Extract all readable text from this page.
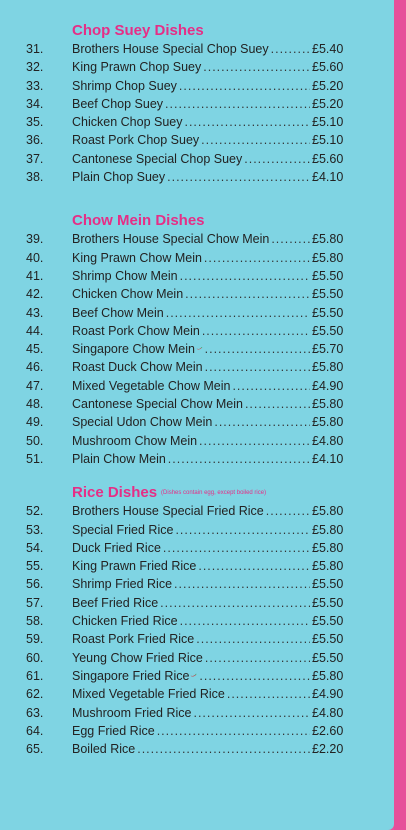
Chop Suey Dishes
31.	Brothers House Special Chop Suey .....	£5.40
32.	King Prawn Chop Suey .....	£5.60
33.	Shrimp Chop Suey .....	£5.20
34.	Beef Chop Suey .....	£5.20
35.	Chicken Chop Suey .....	£5.10
36.	Roast Pork Chop Suey .....	£5.10
37.	Cantonese Special Chop Suey .....	£5.60
38.	Plain Chop Suey .....	£4.10
Chow Mein Dishes
39.	Brothers House Special Chow Mein .....	£5.80
40.	King Prawn Chow Mein .....	£5.80
41.	Shrimp Chow Mein .....	£5.50
42.	Chicken Chow Mein .....	£5.50
43.	Beef Chow Mein .....	£5.50
44.	Roast Pork Chow Mein .....	£5.50
45.	Singapore Chow Mein .....	£5.70
46.	Roast Duck Chow Mein .....	£5.80
47.	Mixed Vegetable Chow Mein .....	£4.90
48.	Cantonese Special Chow Mein .....	£5.80
49.	Special Udon Chow Mein .....	£5.80
50.	Mushroom Chow Mein .....	£4.80
51.	Plain Chow Mein .....	£4.10
Rice Dishes (Dishes contain egg, except boiled rice)
52.	Brothers House Special Fried Rice .....	£5.80
53.	Special Fried Rice .....	£5.80
54.	Duck Fried Rice .....	£5.80
55.	King Prawn Fried Rice .....	£5.80
56.	Shrimp Fried Rice .....	£5.50
57.	Beef Fried Rice .....	£5.50
58.	Chicken Fried Rice .....	£5.50
59.	Roast Pork Fried Rice .....	£5.50
60.	Yeung Chow Fried Rice .....	£5.50
61.	Singapore Fried Rice .....	£5.80
62.	Mixed Vegetable Fried Rice .....	£4.90
63.	Mushroom Fried Rice .....	£4.80
64.	Egg Fried Rice .....	£2.60
65.	Boiled Rice .....	£2.20
